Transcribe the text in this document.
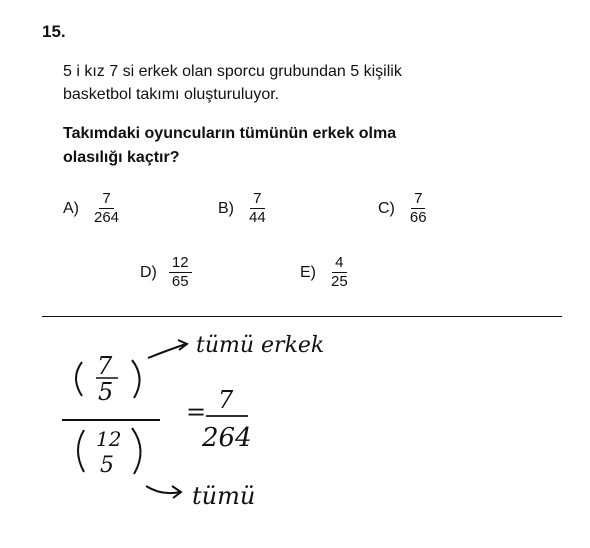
15.
5 i kız 7 si erkek olan sporcu grubundan 5 kişilik
basketbol takımı oluşturuluyor.
Takımdaki oyuncuların tümünün erkek olma
olasılığı kaçtır?
$A) \frac{7}{264}$	$B) \frac{7}{44}$	$C) \frac{7}{66}$
$D) \frac{12}{65}$	$E) \frac{4}{25}$
7
5
tümü erkek
12
5
= 7
264
tümü
